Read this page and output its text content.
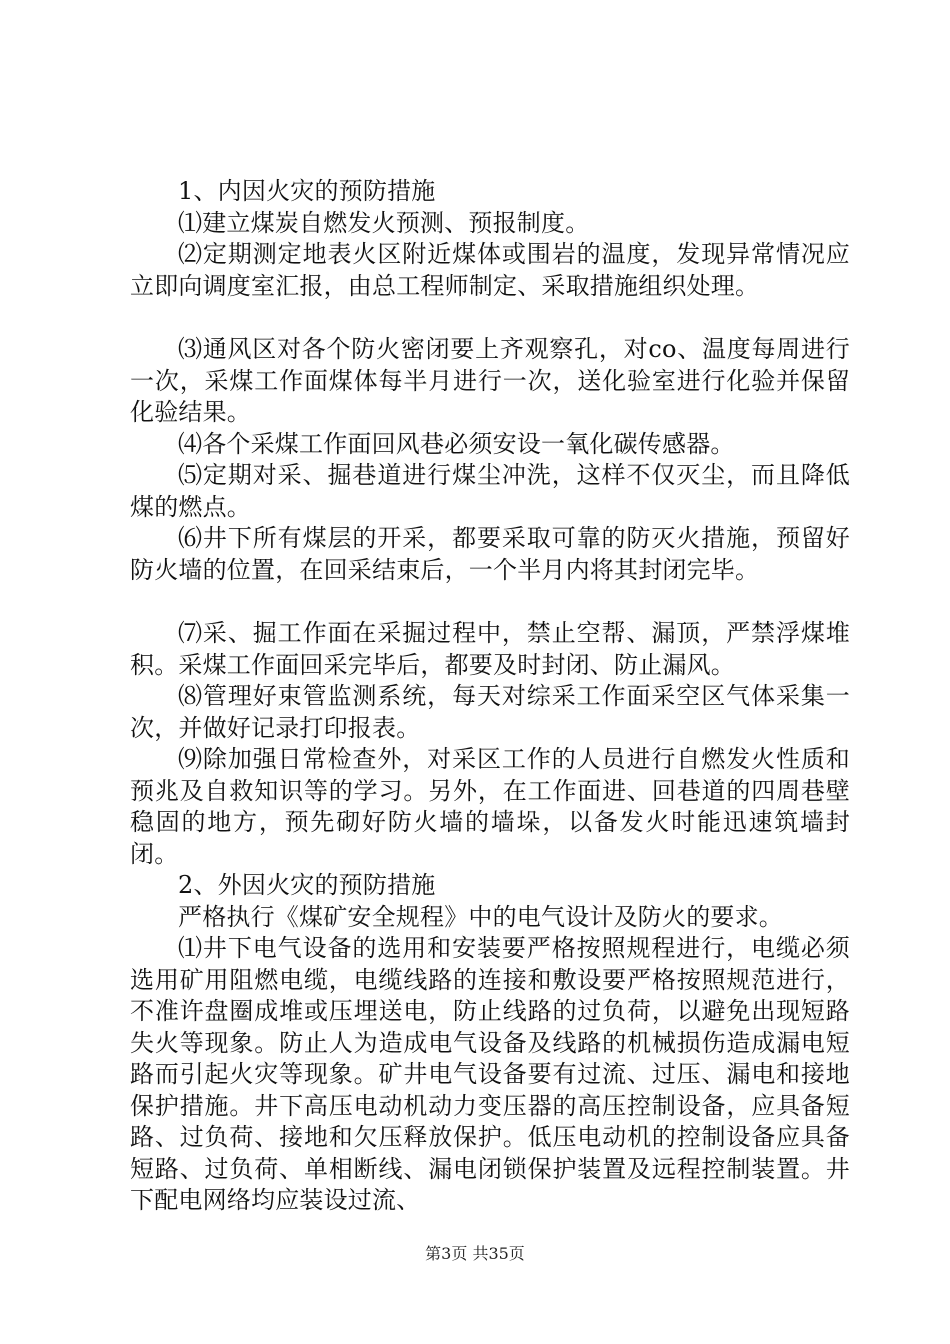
1、内因火灾的预防措施

⑴建立煤炭自燃发火预测、预报制度。

⑵定期测定地表火区附近煤体或围岩的温度，发现异常情况应立即向调度室汇报，由总工程师制定、采取措施组织处理。

⑶通风区对各个防火密闭要上齐观察孔，对co、温度每周进行一次，采煤工作面煤体每半月进行一次，送化验室进行化验并保留化验结果。

⑷各个采煤工作面回风巷必须安设一氧化碳传感器。

⑸定期对采、掘巷道进行煤尘冲洗，这样不仅灭尘，而且降低煤的燃点。

⑹井下所有煤层的开采，都要采取可靠的防灭火措施，预留好防火墙的位置，在回采结束后，一个半月内将其封闭完毕。

⑺采、掘工作面在采掘过程中，禁止空帮、漏顶，严禁浮煤堆积。采煤工作面回采完毕后，都要及时封闭、防止漏风。

⑻管理好束管监测系统，每天对综采工作面采空区气体采集一次，并做好记录打印报表。

⑼除加强日常检查外，对采区工作的人员进行自燃发火性质和预兆及自救知识等的学习。另外，在工作面进、回巷道的四周巷壁稳固的地方，预先砌好防火墙的墙垛，以备发火时能迅速筑墙封闭。

2、外因火灾的预防措施

严格执行《煤矿安全规程》中的电气设计及防火的要求。

⑴井下电气设备的选用和安装要严格按照规程进行，电缆必须选用矿用阻燃电缆，电缆线路的连接和敷设要严格按照规范进行，不准许盘圈成堆或压埋送电，防止线路的过负荷，以避免出现短路失火等现象。防止人为造成电气设备及线路的机械损伤造成漏电短路而引起火灾等现象。矿井电气设备要有过流、过压、漏电和接地保护措施。井下高压电动机动力变压器的高压控制设备，应具备短路、过负荷、接地和欠压释放保护。低压电动机的控制设备应具备短路、过负荷、单相断线、漏电闭锁保护装置及远程控制装置。井下配电网络均应装设过流、

第3页 共35页
